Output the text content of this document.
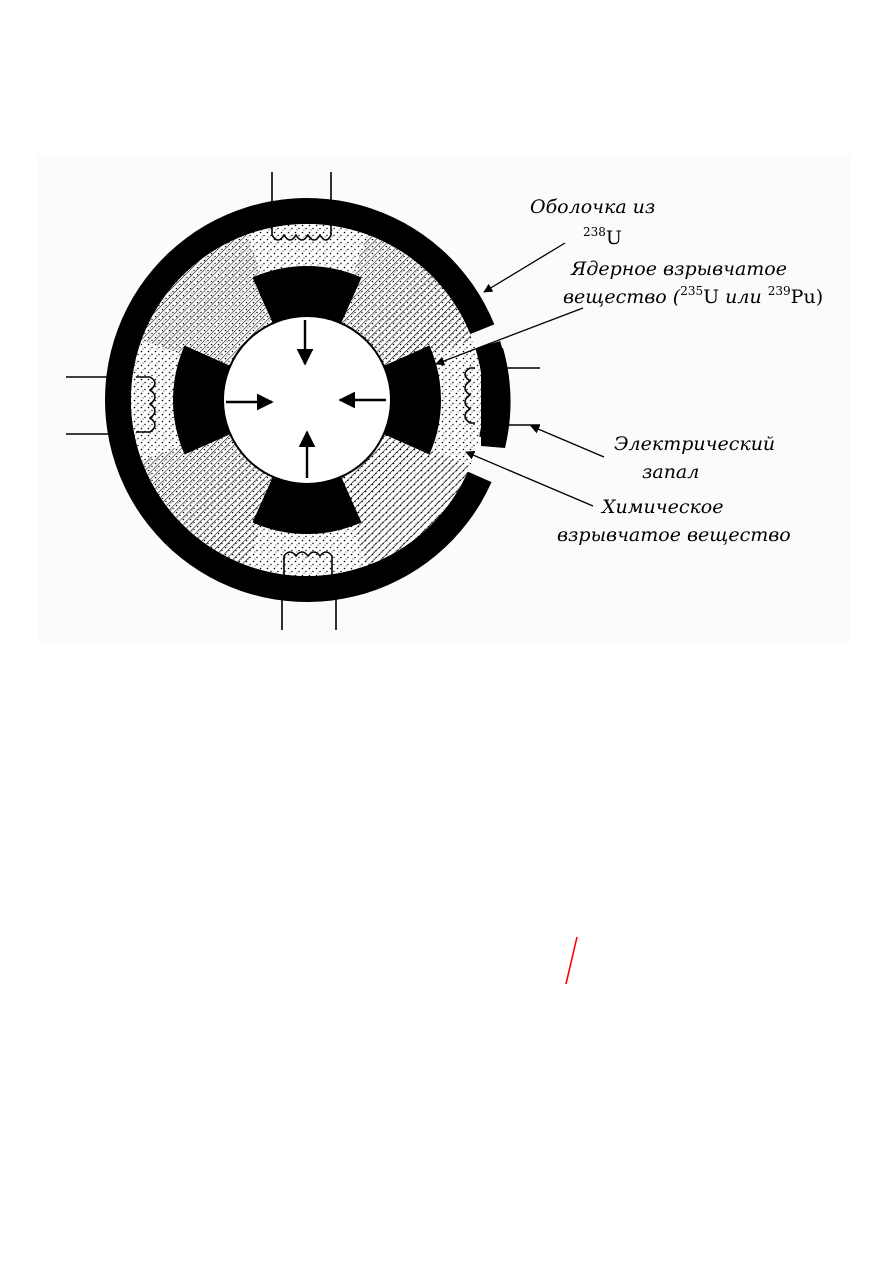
Оболочка из
$^{238}$U
Ядерное взрывчатое
вещество ($^{235}$U или $^{239}$Pu)
Электрический
запал
Химическое
взрывчатое вещество
